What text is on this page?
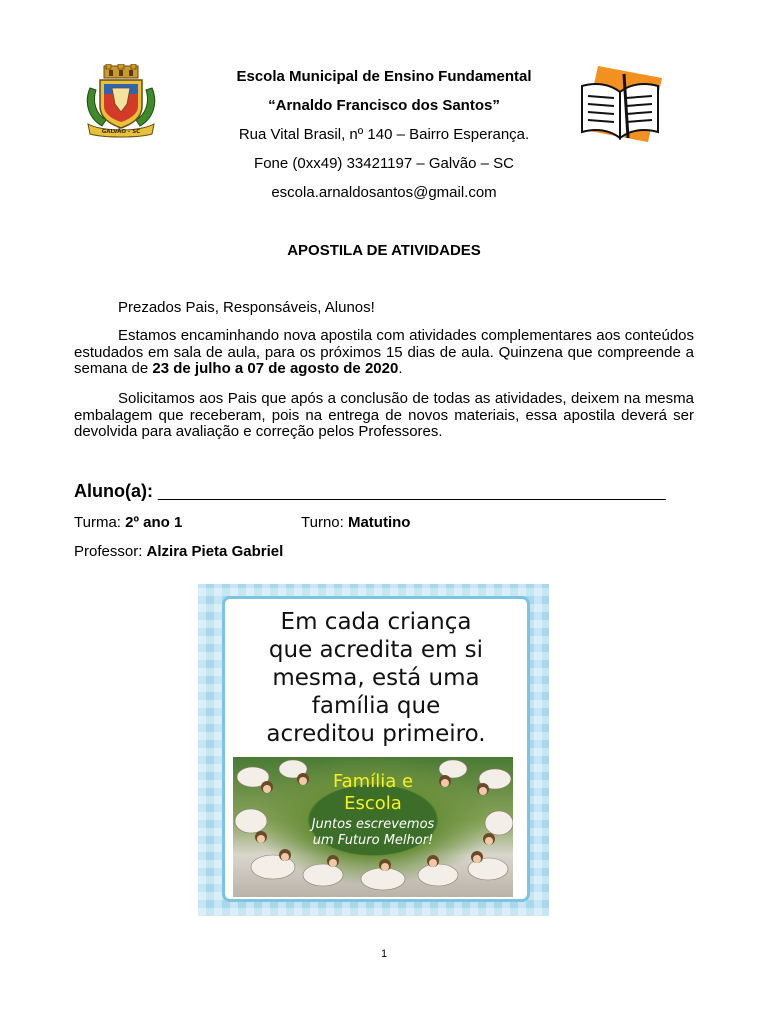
GALVÃO - SC
Escola Municipal de Ensino Fundamental
“Arnaldo Francisco dos Santos”
Rua Vital Brasil, nº 140 – Bairro Esperança.
Fone (0xx49) 33421197 – Galvão – SC
escola.arnaldosantos@gmail.com
APOSTILA DE ATIVIDADES
Prezados Pais, Responsáveis, Alunos!
Estamos encaminhando nova apostila com atividades complementares aos conteúdos estudados em sala de aula, para os próximos 15 dias de aula. Quinzena que compreende a semana de 23 de julho a 07 de agosto de 2020.
Solicitamos aos Pais que após a conclusão de todas as atividades, deixem na mesma embalagem que receberam, pois na entrega de novos materiais, essa apostila deverá ser devolvida para avaliação e correção pelos Professores.
Aluno(a): ___________________________________________________________
Turma: 2º ano 1	Turno: Matutino
Professor: Alzira Pieta Gabriel
Em cada criança
que acredita em si
mesma, está uma
família que
acreditou primeiro.
Família e
Escola
Juntos escrevemos
um Futuro Melhor!
1
